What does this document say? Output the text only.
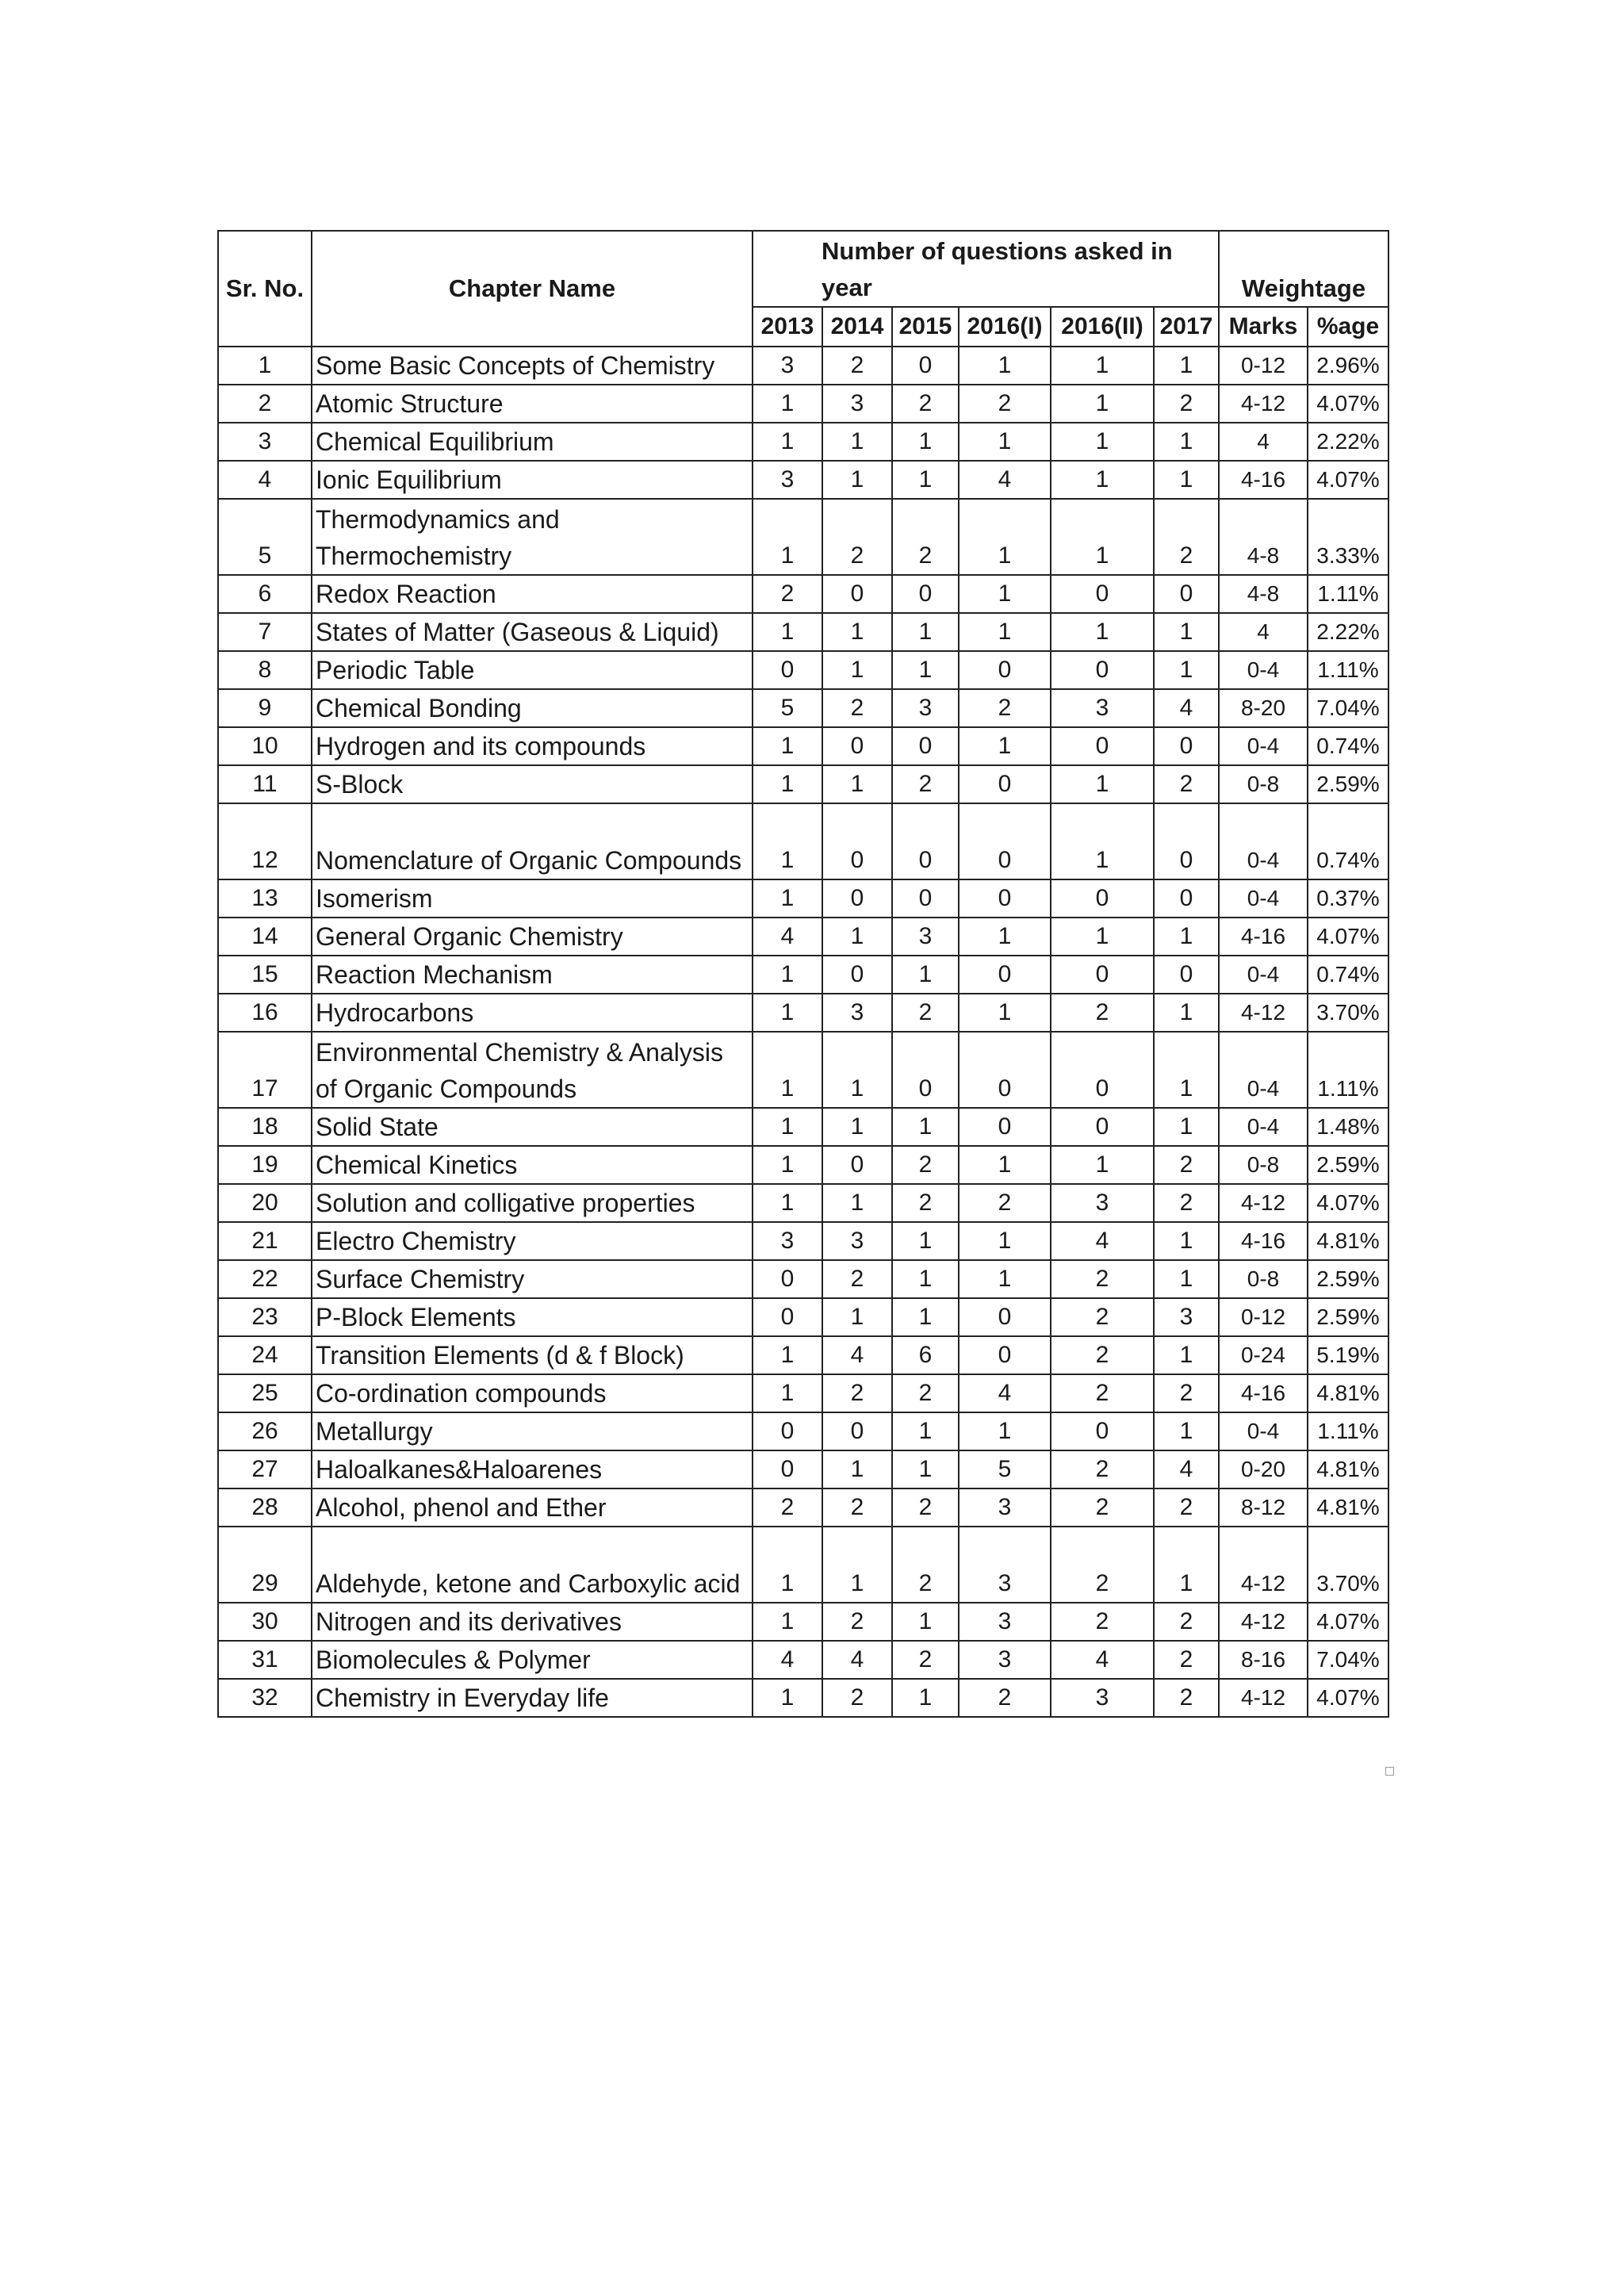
Sr. No.	Chapter Name	Number of questions asked in year						Weightage	
		2013	2014	2015	2016(I)	2016(II)	2017	Marks	%age
1	Some Basic Concepts of Chemistry	3	2	0	1	1	1	0-12	2.96%
2	Atomic Structure	1	3	2	2	1	2	4-12	4.07%
3	Chemical Equilibrium	1	1	1	1	1	1	4	2.22%
4	Ionic Equilibrium	3	1	1	4	1	1	4-16	4.07%
5	Thermodynamics and Thermochemistry	1	2	2	1	1	2	4-8	3.33%
6	Redox Reaction	2	0	0	1	0	0	4-8	1.11%
7	States of Matter (Gaseous & Liquid)	1	1	1	1	1	1	4	2.22%
8	Periodic Table	0	1	1	0	0	1	0-4	1.11%
9	Chemical Bonding	5	2	3	2	3	4	8-20	7.04%
10	Hydrogen and its compounds	1	0	0	1	0	0	0-4	0.74%
11	S-Block	1	1	2	0	1	2	0-8	2.59%
12	Nomenclature of Organic Compounds	1	0	0	0	1	0	0-4	0.74%
13	Isomerism	1	0	0	0	0	0	0-4	0.37%
14	General Organic Chemistry	4	1	3	1	1	1	4-16	4.07%
15	Reaction Mechanism	1	0	1	0	0	0	0-4	0.74%
16	Hydrocarbons	1	3	2	1	2	1	4-12	3.70%
17	Environmental Chemistry & Analysis of Organic Compounds	1	1	0	0	0	1	0-4	1.11%
18	Solid State	1	1	1	0	0	1	0-4	1.48%
19	Chemical Kinetics	1	0	2	1	1	2	0-8	2.59%
20	Solution and colligative properties	1	1	2	2	3	2	4-12	4.07%
21	Electro Chemistry	3	3	1	1	4	1	4-16	4.81%
22	Surface Chemistry	0	2	1	1	2	1	0-8	2.59%
23	P-Block Elements	0	1	1	0	2	3	0-12	2.59%
24	Transition Elements (d & f Block)	1	4	6	0	2	1	0-24	5.19%
25	Co-ordination compounds	1	2	2	4	2	2	4-16	4.81%
26	Metallurgy	0	0	1	1	0	1	0-4	1.11%
27	Haloalkanes&Haloarenes	0	1	1	5	2	4	0-20	4.81%
28	Alcohol, phenol and Ether	2	2	2	3	2	2	8-12	4.81%
29	Aldehyde, ketone and Carboxylic acid	1	1	2	3	2	1	4-12	3.70%
30	Nitrogen and its derivatives	1	2	1	3	2	2	4-12	4.07%
31	Biomolecules & Polymer	4	4	2	3	4	2	8-16	7.04%
32	Chemistry in Everyday life	1	2	1	2	3	2	4-12	4.07%
